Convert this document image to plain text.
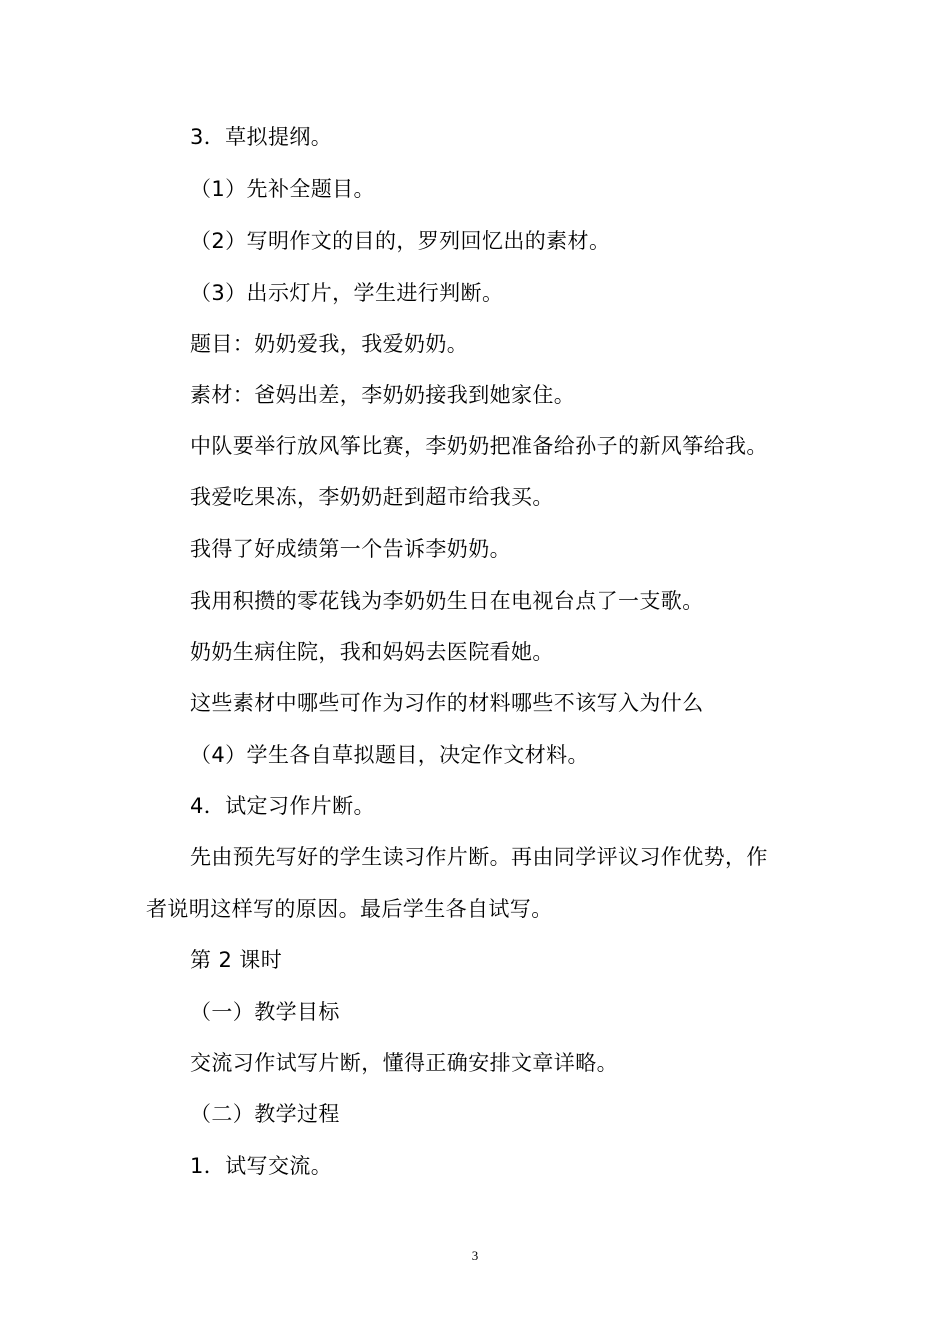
3．草拟提纲。
（1）先补全题目。
（2）写明作文的目的，罗列回忆出的素材。
（3）出示灯片，学生进行判断。
题目：奶奶爱我，我爱奶奶。
素材：爸妈出差，李奶奶接我到她家住。
中队要举行放风筝比赛，李奶奶把准备给孙子的新风筝给我。
我爱吃果冻，李奶奶赶到超市给我买。
我得了好成绩第一个告诉李奶奶。
我用积攒的零花钱为李奶奶生日在电视台点了一支歌。
奶奶生病住院，我和妈妈去医院看她。
这些素材中哪些可作为习作的材料哪些不该写入为什么
（4）学生各自草拟题目，决定作文材料。
4．试定习作片断。
先由预先写好的学生读习作片断。再由同学评议习作优势，作
者说明这样写的原因。最后学生各自试写。
第 2 课时
（一）教学目标
交流习作试写片断，懂得正确安排文章详略。
（二）教学过程
1．试写交流。
3
